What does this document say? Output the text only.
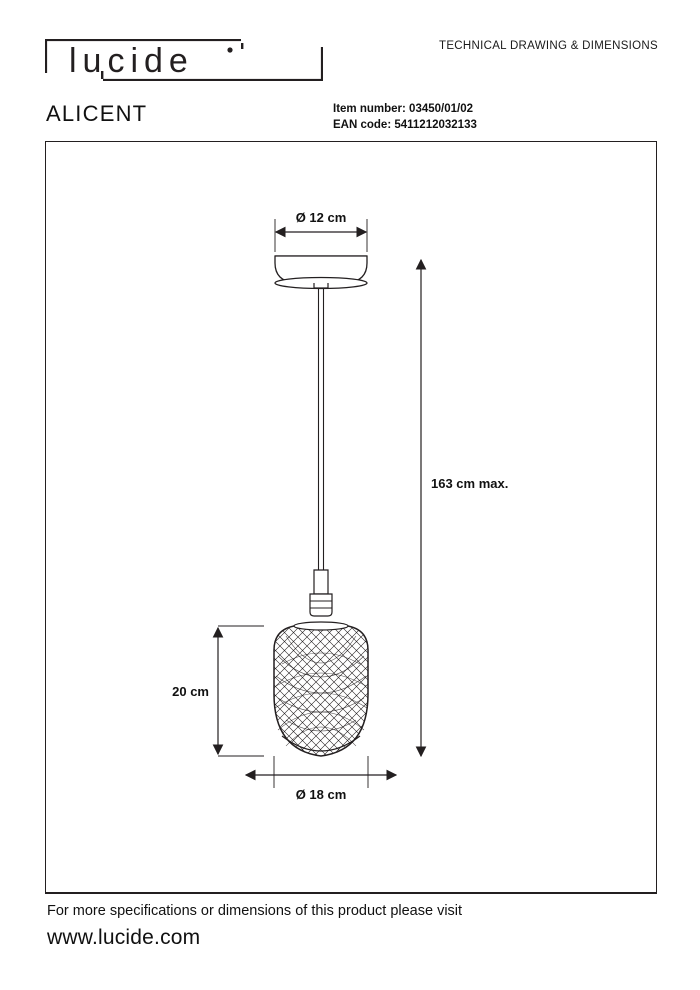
lucide	TECHNICAL DRAWING & DIMENSIONS
ALICENT	Item number: 03450/01/02
EAN code: 5411212032133
Ø 12 cm
163 cm max.
20 cm
Ø 18 cm
For more specifications or dimensions of this product please visit
www.lucide.com
